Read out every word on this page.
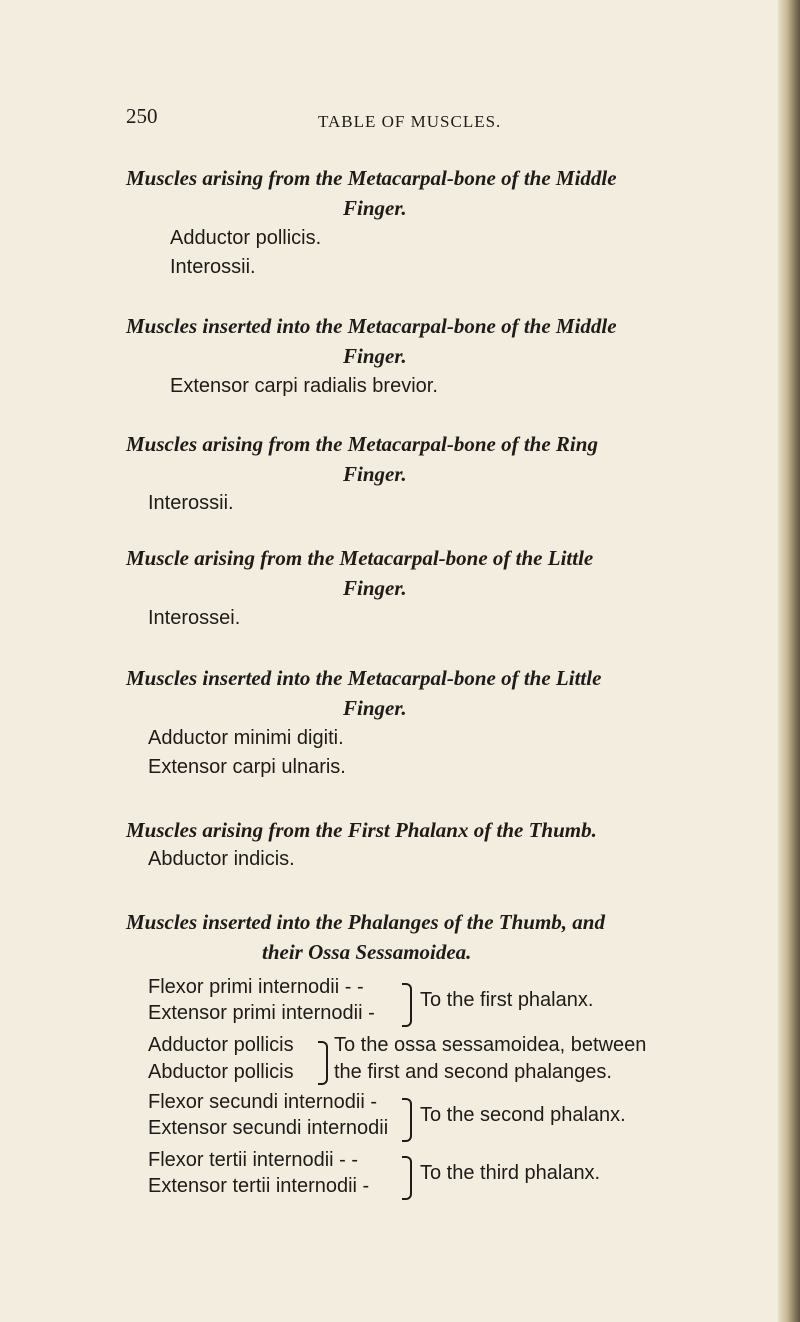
250	TABLE OF MUSCLES.
Muscles arising from the Metacarpal-bone of the Middle
Finger.
Adductor pollicis.
Interossii.
Muscles inserted into the Metacarpal-bone of the Middle
Finger.
Extensor carpi radialis brevior.
Muscles arising from the Metacarpal-bone of the Ring
Finger.
Interossii.
Muscle arising from the Metacarpal-bone of the Little
Finger.
Interossei.
Muscles inserted into the Metacarpal-bone of the Little
Finger.
Adductor minimi digiti.
Extensor carpi ulnaris.
Muscles arising from the First Phalanx of the Thumb.
Abductor indicis.
Muscles inserted into the Phalanges of the Thumb, and
their Ossa Sessamoidea.
Flexor primi internodii - -
Extensor primi internodii -
To the first phalanx.
Adductor pollicis
Abductor pollicis
To the ossa sessamoidea, between
the first and second phalanges.
Flexor secundi internodii -
Extensor secundi internodii
To the second phalanx.
Flexor tertii internodii - -
Extensor tertii internodii -
To the third phalanx.
